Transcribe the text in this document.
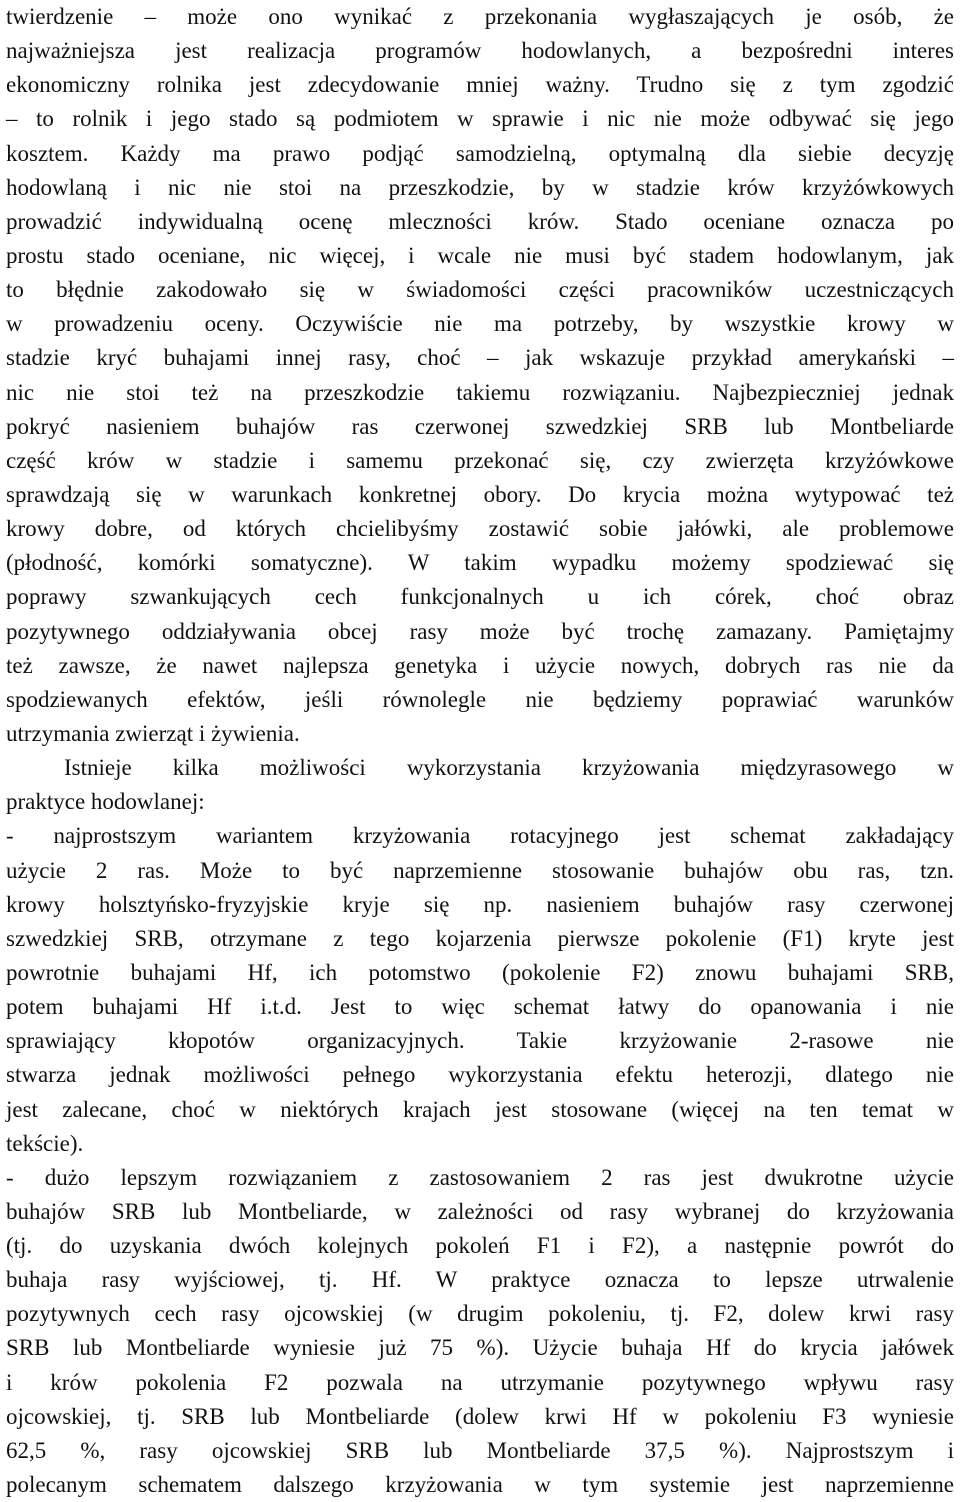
twierdzenie – może ono wynikać z przekonania wygłaszających je osób, że
najważniejsza jest realizacja programów hodowlanych, a bezpośredni interes
ekonomiczny rolnika jest zdecydowanie mniej ważny. Trudno się z tym zgodzić
– to rolnik i jego stado są podmiotem w sprawie i nic nie może odbywać się jego
kosztem. Każdy ma prawo podjąć samodzielną, optymalną dla siebie decyzję
hodowlaną i nic nie stoi na przeszkodzie, by w stadzie krów krzyżówkowych
prowadzić indywidualną ocenę mleczności krów. Stado oceniane oznacza po
prostu stado oceniane, nic więcej, i wcale nie musi być stadem hodowlanym, jak
to błędnie zakodowało się w świadomości części pracowników uczestniczących
w prowadzeniu oceny. Oczywiście nie ma potrzeby, by wszystkie krowy w
stadzie kryć buhajami innej rasy, choć – jak wskazuje przykład amerykański –
nic nie stoi też na przeszkodzie takiemu rozwiązaniu. Najbezpieczniej jednak
pokryć nasieniem buhajów ras czerwonej szwedzkiej SRB lub Montbeliarde
część krów w stadzie i samemu przekonać się, czy zwierzęta krzyżówkowe
sprawdzają się w warunkach konkretnej obory. Do krycia można wytypować też
krowy dobre, od których chcielibyśmy zostawić sobie jałówki, ale problemowe
(płodność, komórki somatyczne). W takim wypadku możemy spodziewać się
poprawy szwankujących cech funkcjonalnych u ich córek, choć obraz
pozytywnego oddziaływania obcej rasy może być trochę zamazany. Pamiętajmy
też zawsze, że nawet najlepsza genetyka i użycie nowych, dobrych ras nie da
spodziewanych efektów, jeśli równolegle nie będziemy poprawiać warunków
utrzymania zwierząt i żywienia.
Istnieje kilka możliwości wykorzystania krzyżowania międzyrasowego w
praktyce hodowlanej:
- najprostszym wariantem krzyżowania rotacyjnego jest schemat zakładający
użycie 2 ras. Może to być naprzemienne stosowanie buhajów obu ras, tzn.
krowy holsztyńsko-fryzyjskie kryje się np. nasieniem buhajów rasy czerwonej
szwedzkiej SRB, otrzymane z tego kojarzenia pierwsze pokolenie (F1) kryte jest
powrotnie buhajami Hf, ich potomstwo (pokolenie F2) znowu buhajami SRB,
potem buhajami Hf i.t.d. Jest to więc schemat łatwy do opanowania i nie
sprawiający kłopotów organizacyjnych. Takie krzyżowanie 2-rasowe nie
stwarza jednak możliwości pełnego wykorzystania efektu heterozji, dlatego nie
jest zalecane, choć w niektórych krajach jest stosowane (więcej na ten temat w
tekście).
- dużo lepszym rozwiązaniem z zastosowaniem 2 ras jest dwukrotne użycie
buhajów SRB lub Montbeliarde, w zależności od rasy wybranej do krzyżowania
(tj. do uzyskania dwóch kolejnych pokoleń F1 i F2), a następnie powrót do
buhaja rasy wyjściowej, tj. Hf. W praktyce oznacza to lepsze utrwalenie
pozytywnych cech rasy ojcowskiej (w drugim pokoleniu, tj. F2, dolew krwi rasy
SRB lub Montbeliarde wyniesie już 75 %). Użycie buhaja Hf do krycia jałówek
i krów pokolenia F2 pozwala na utrzymanie pozytywnego wpływu rasy
ojcowskiej, tj. SRB lub Montbeliarde (dolew krwi Hf w pokoleniu F3 wyniesie
62,5 %, rasy ojcowskiej SRB lub Montbeliarde 37,5 %). Najprostszym i
polecanym schematem dalszego krzyżowania w tym systemie jest naprzemienne
